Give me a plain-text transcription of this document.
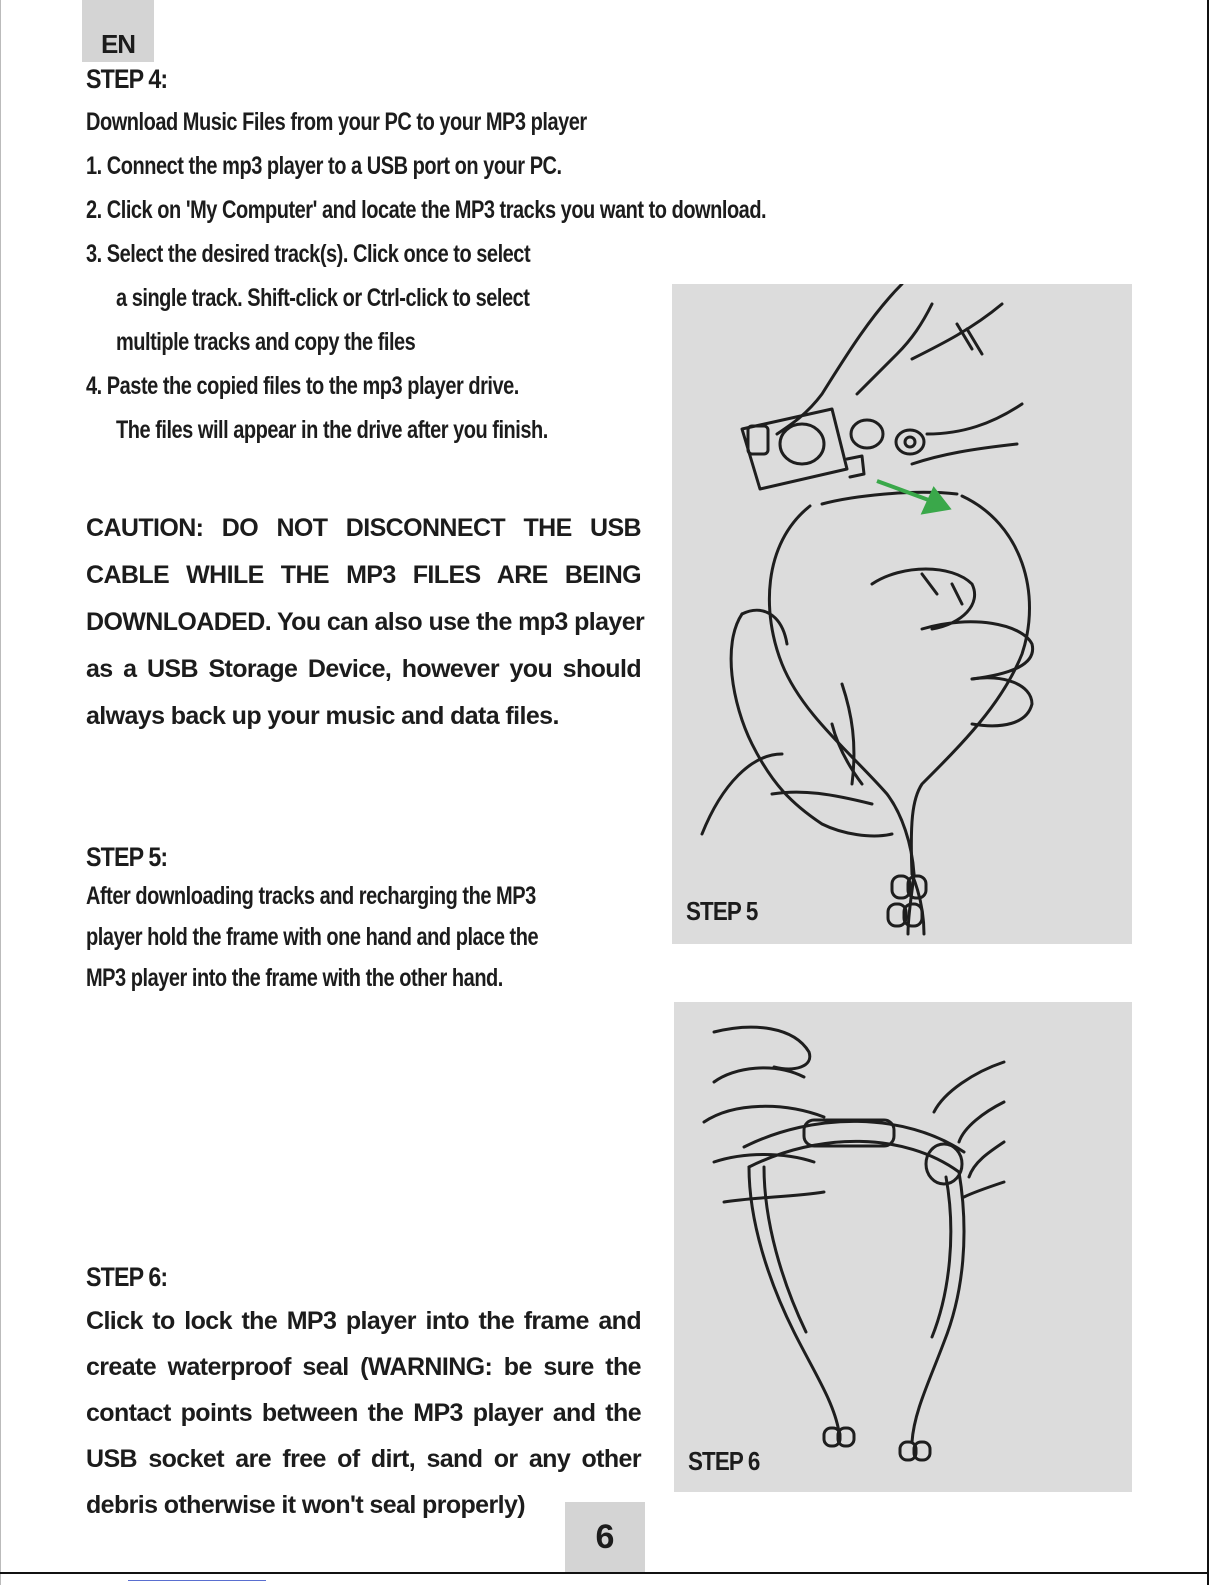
EN
STEP 4:
Download Music Files from your PC to your MP3 player
1. Connect the mp3 player to a USB port on your PC.
2. Click on 'My Computer' and locate the MP3 tracks you want to download.
3. Select the desired track(s). Click once to select
a single track. Shift-click or Ctrl-click to select
multiple tracks and copy the files
4. Paste the copied files to the mp3 player drive.
The files will appear in the drive after you finish.
CAUTION: DO NOT DISCONNECT THE USB
CABLE WHILE THE MP3 FILES ARE BEING
DOWNLOADED. You can also use the mp3 player
as a USB Storage Device, however you should
always back up your music and data files.
STEP 5:
After downloading tracks and recharging the MP3
player hold the frame with one hand and place the
MP3 player into the frame with the other hand.
STEP 6:
Click to lock the MP3 player into the frame and
create waterproof seal (WARNING: be sure the
contact points between the MP3 player and the
USB socket are free of dirt, sand or any other
debris otherwise it won't seal properly)
STEP 5
STEP 6
6
